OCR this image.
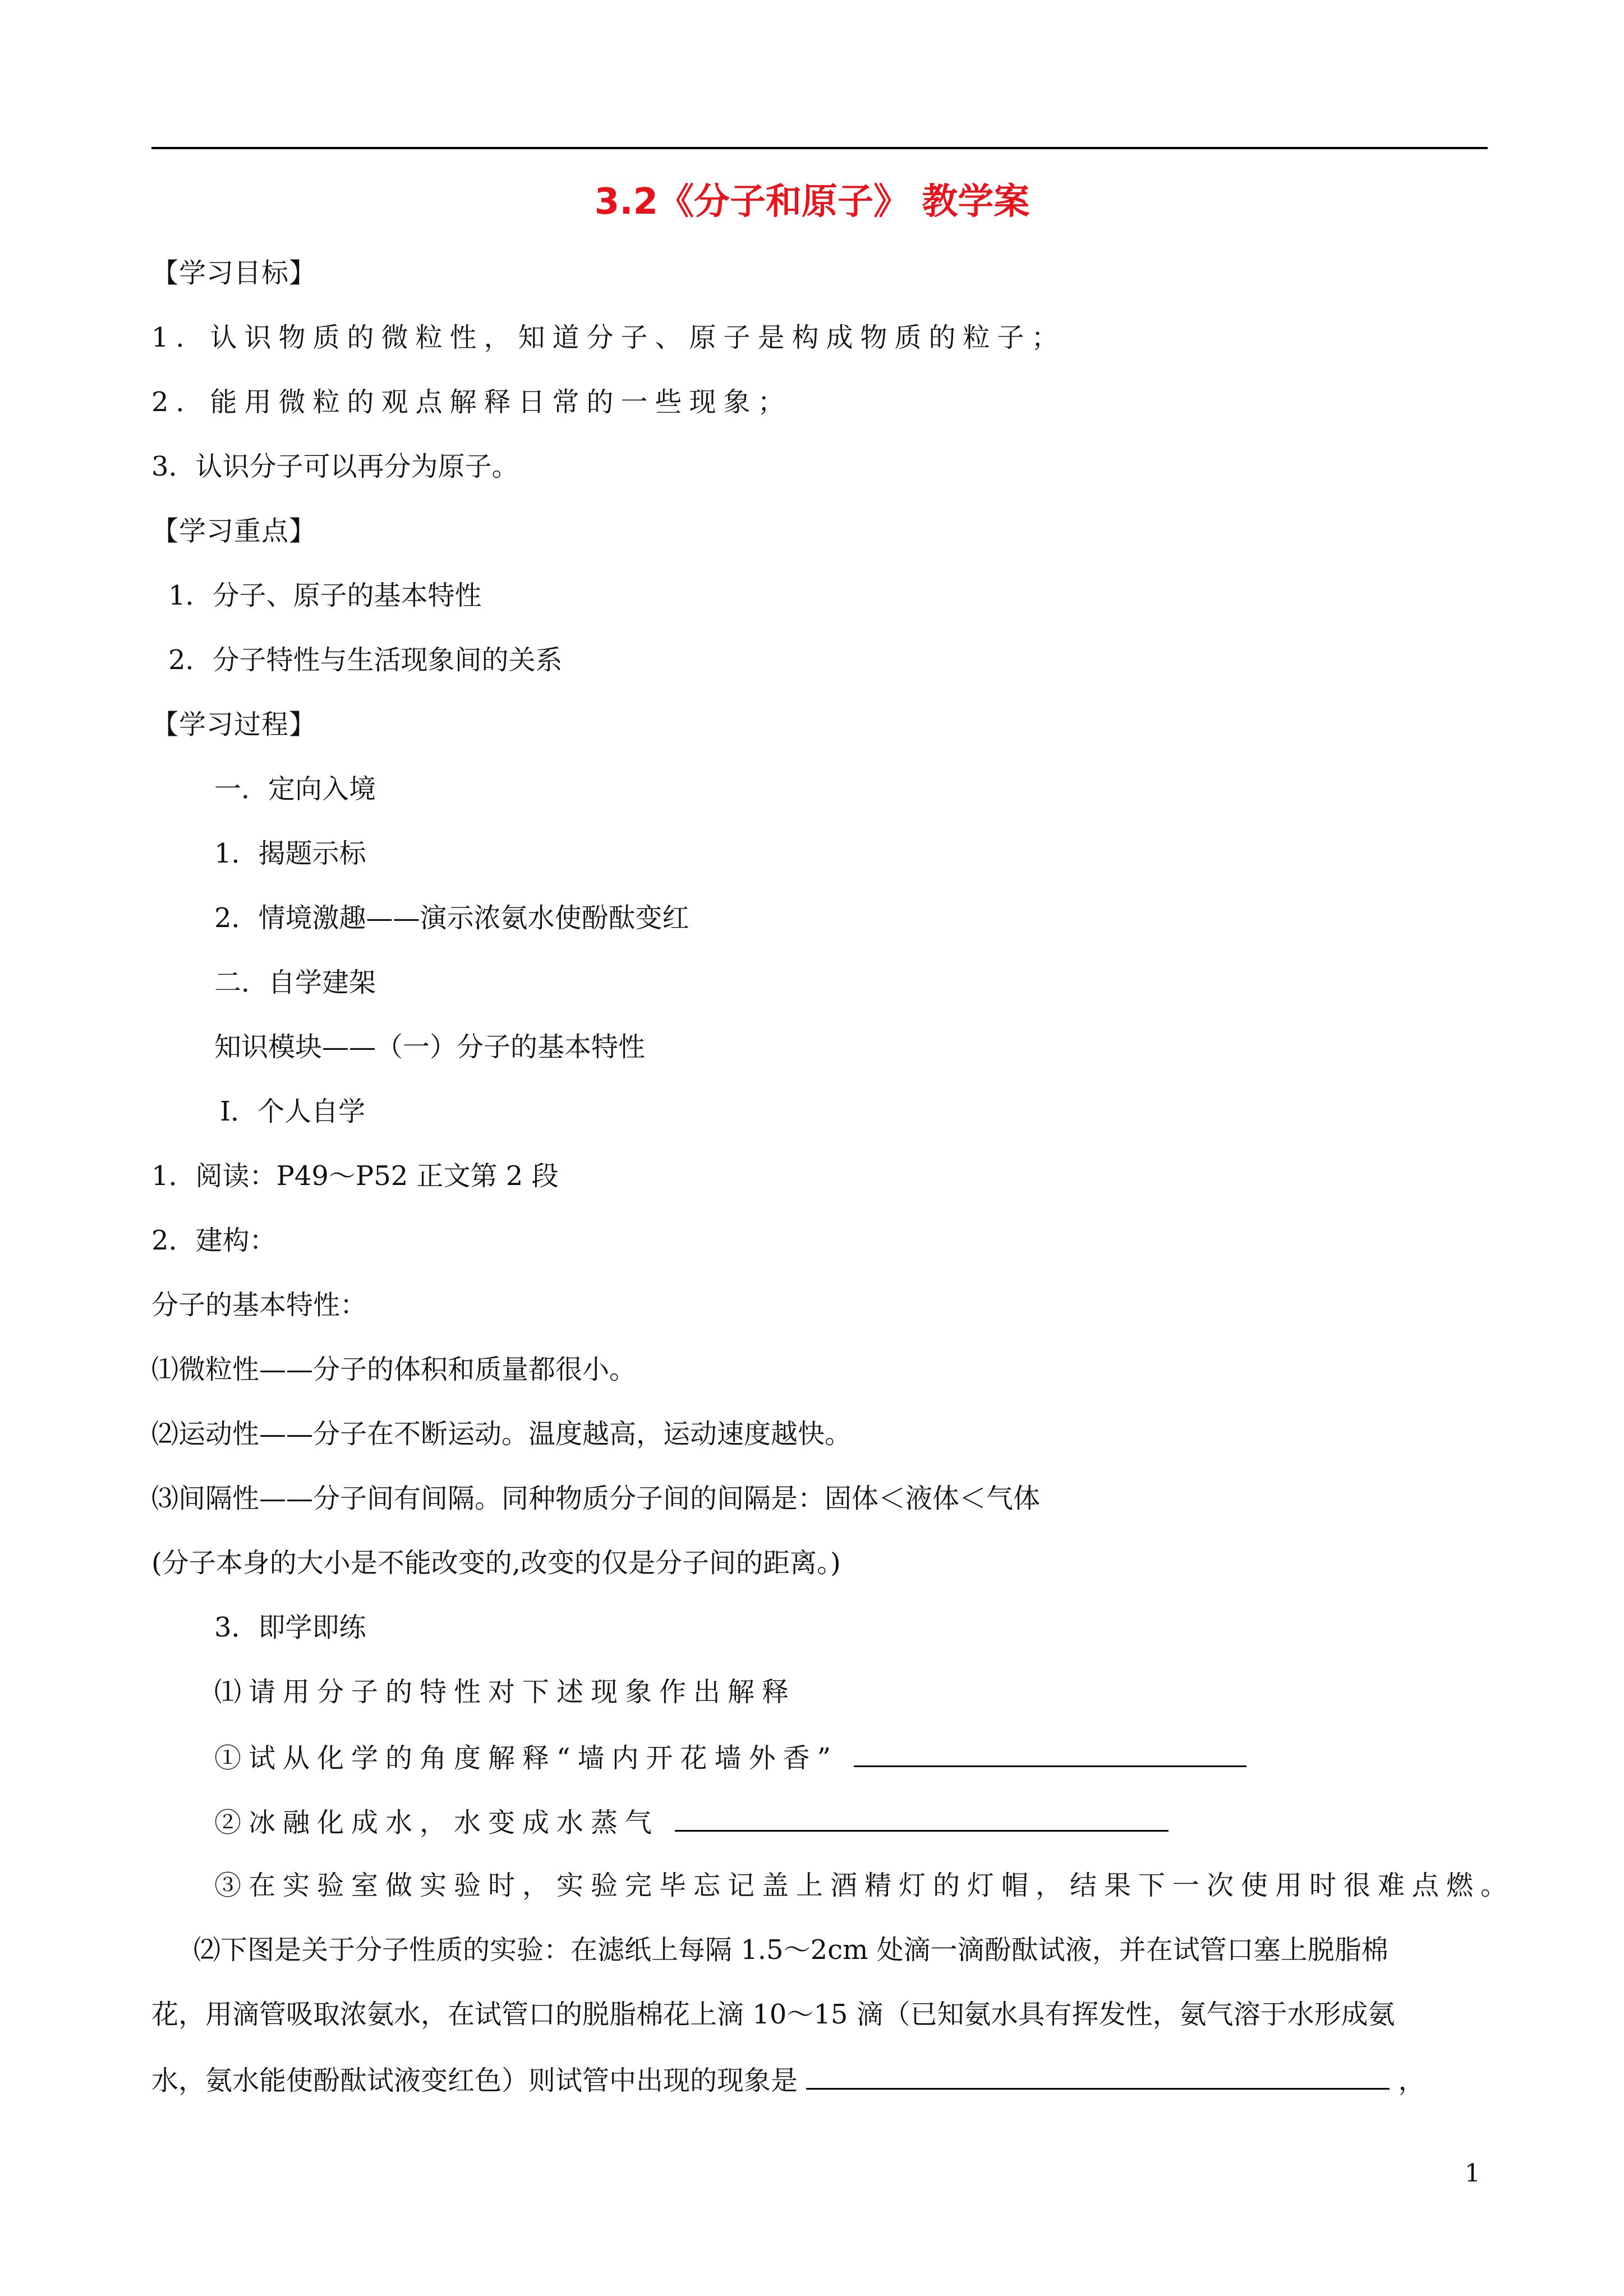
3.2《分子和原子》 教学案
【学习目标】
1．认识物质的微粒性，知道分子、原子是构成物质的粒子；
2．能用微粒的观点解释日常的一些现象；
3．认识分子可以再分为原子。
【学习重点】
1．分子、原子的基本特性
2．分子特性与生活现象间的关系
【学习过程】
一．定向入境
1．揭题示标
2．情境激趣——演示浓氨水使酚酞变红
二．自学建架
知识模块——（一）分子的基本特性
Ⅰ．个人自学
1．阅读：P49～P52 正文第 2 段
2．建构：
分子的基本特性：
⑴微粒性——分子的体积和质量都很小。
⑵运动性——分子在不断运动。温度越高，运动速度越快。
⑶间隔性——分子间有间隔。同种物质分子间的间隔是：固体＜液体＜气体
(分子本身的大小是不能改变的,改变的仅是分子间的距离。)
3．即学即练
⑴请用分子的特性对下述现象作出解释
①试从化学的角度解释“墙内开花墙外香”
②冰融化成水，水变成水蒸气
③在实验室做实验时，实验完毕忘记盖上酒精灯的灯帽，结果下一次使用时很难点燃。
⑵下图是关于分子性质的实验：在滤纸上每隔 1.5～2cm 处滴一滴酚酞试液，并在试管口塞上脱脂棉
花，用滴管吸取浓氨水，在试管口的脱脂棉花上滴 10～15 滴（已知氨水具有挥发性，氨气溶于水形成氨
水，氨水能使酚酞试液变红色）则试管中出现的现象是	，
1
